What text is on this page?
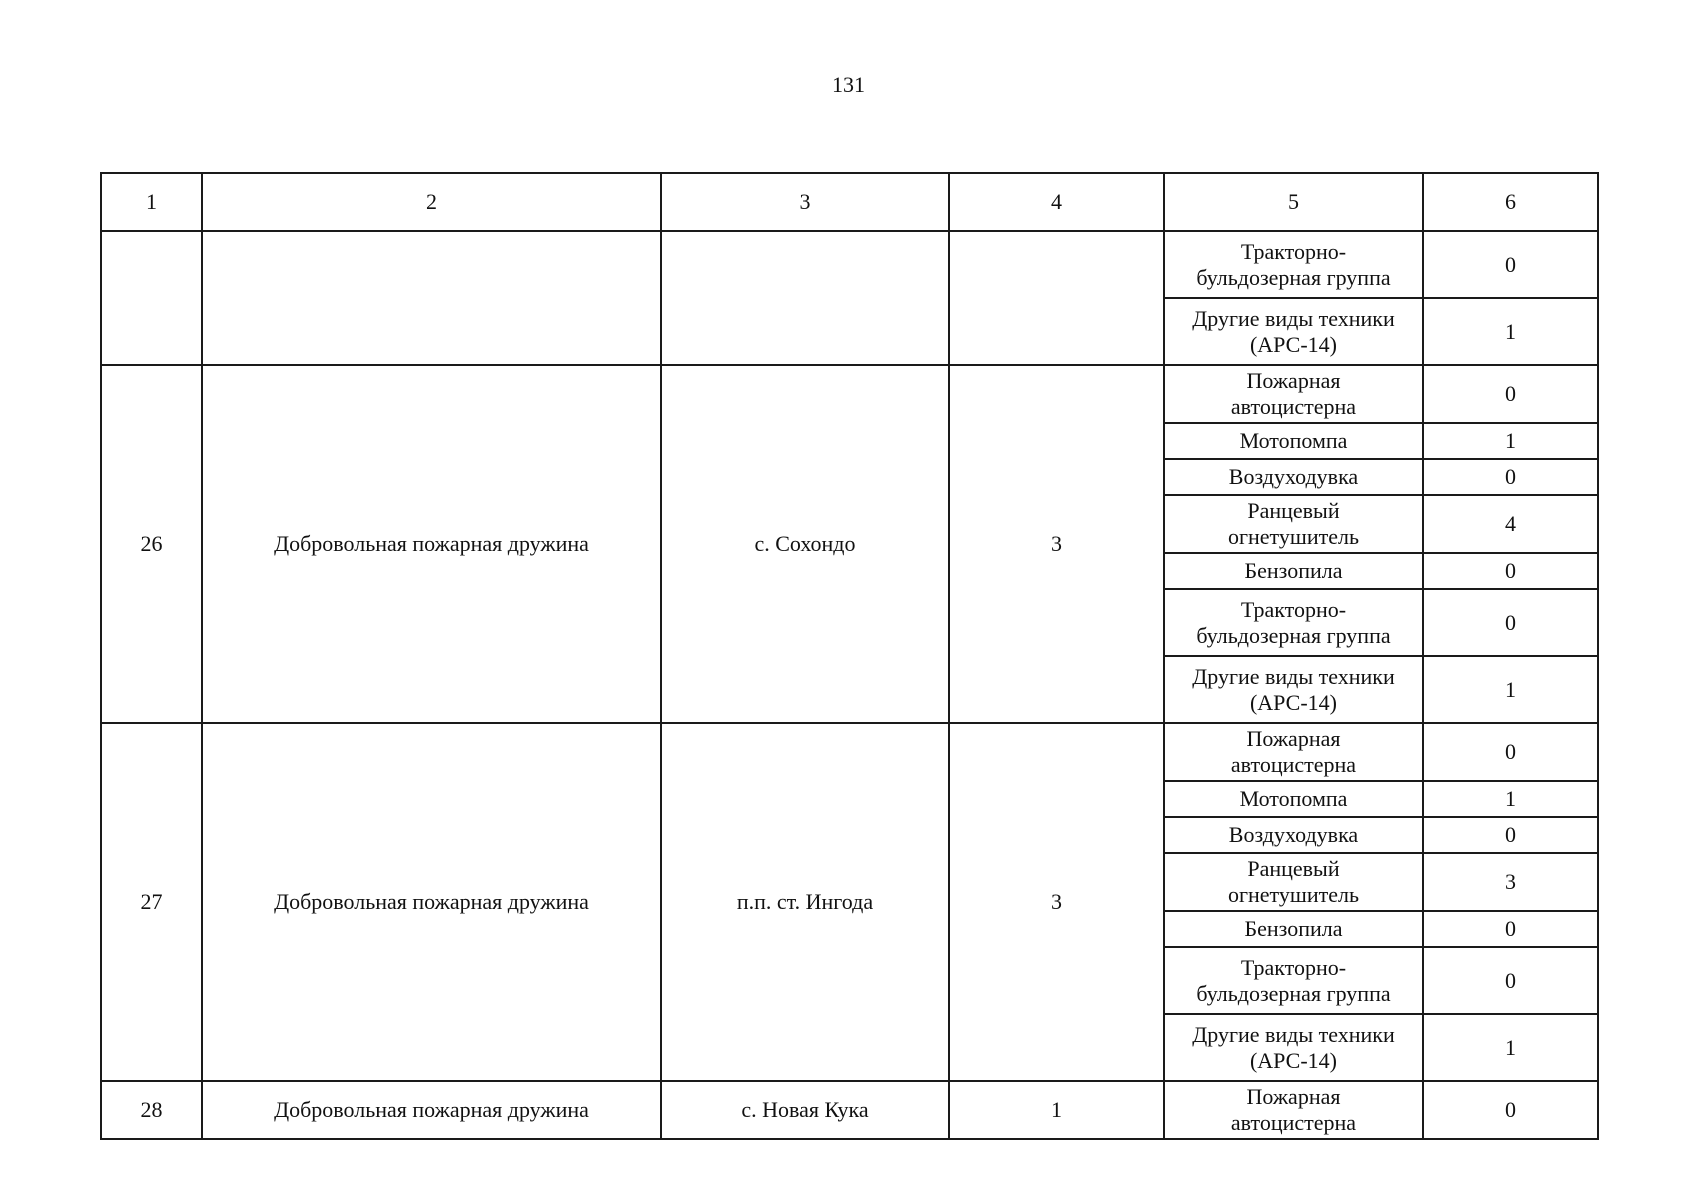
131
1	2	3	4	5	6
				Тракторно-
бульдозерная группа	0
				Другие виды техники
(АРС-14)	1
26	Добровольная пожарная дружина	с. Сохондо	3	Пожарная
автоцистерна	0
				Мотопомпа	1
				Воздуходувка	0
				Ранцевый
огнетушитель	4
				Бензопила	0
				Тракторно-
бульдозерная группа	0
				Другие виды техники
(АРС-14)	1
27	Добровольная пожарная дружина	п.п. ст. Ингода	3	Пожарная
автоцистерна	0
				Мотопомпа	1
				Воздуходувка	0
				Ранцевый
огнетушитель	3
				Бензопила	0
				Тракторно-
бульдозерная группа	0
				Другие виды техники
(АРС-14)	1
28	Добровольная пожарная дружина	с. Новая Кука	1	Пожарная
автоцистерна	0
